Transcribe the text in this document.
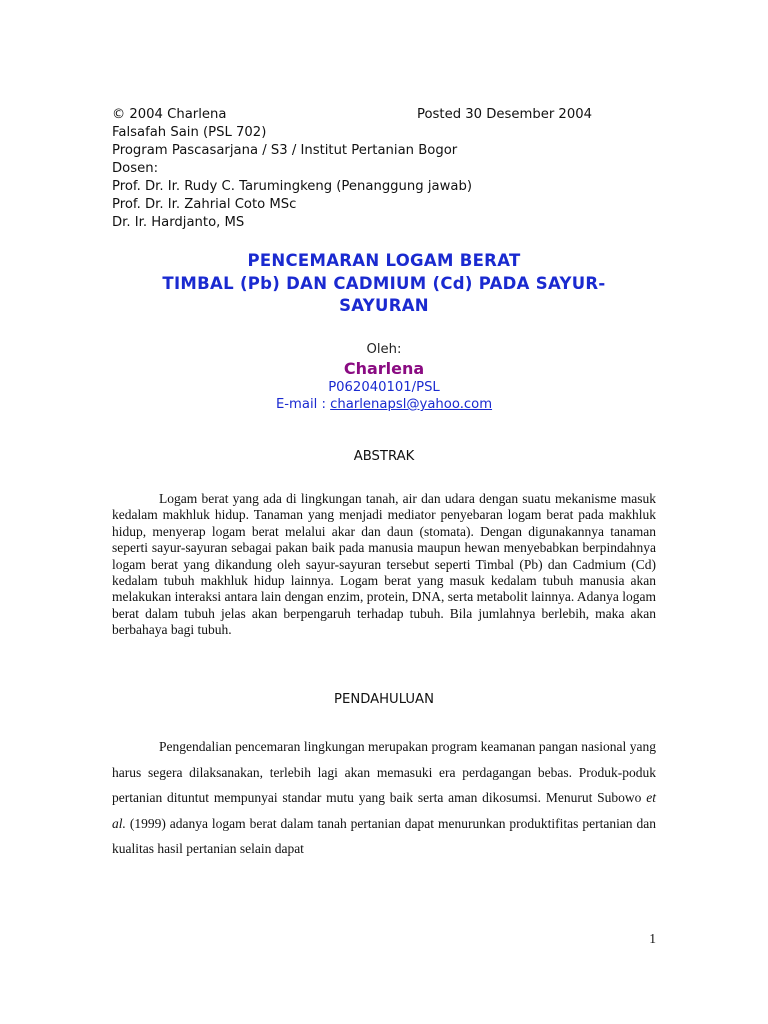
© 2004 Charlena	Posted 30 Desember 2004
Falsafah Sain (PSL 702)
Program Pascasarjana / S3 / Institut Pertanian Bogor
Dosen:
Prof. Dr. Ir. Rudy C. Tarumingkeng (Penanggung jawab)
Prof. Dr. Ir. Zahrial Coto MSc
Dr. Ir. Hardjanto, MS
PENCEMARAN LOGAM BERAT
TIMBAL (Pb) DAN CADMIUM (Cd) PADA SAYUR-
SAYURAN
Oleh:
Charlena
P062040101/PSL
E-mail : charlenapsl@yahoo.com
ABSTRAK

Logam berat yang ada di lingkungan tanah, air dan udara dengan suatu mekanisme masuk kedalam makhluk hidup. Tanaman yang menjadi mediator penyebaran logam berat pada makhluk hidup, menyerap logam berat melalui akar dan daun (stomata). Dengan digunakannya tanaman seperti sayur-sayuran sebagai pakan baik pada manusia maupun hewan menyebabkan berpindahnya logam berat yang dikandung oleh sayur-sayuran tersebut seperti Timbal (Pb) dan Cadmium (Cd) kedalam tubuh makhluk hidup lainnya. Logam berat yang masuk kedalam tubuh manusia akan melakukan interaksi antara lain dengan enzim, protein, DNA, serta metabolit lainnya. Adanya logam berat dalam tubuh jelas akan berpengaruh terhadap tubuh. Bila jumlahnya berlebih, maka akan berbahaya bagi tubuh.

PENDAHULUAN

Pengendalian pencemaran lingkungan merupakan program keamanan pangan nasional yang harus segera dilaksanakan, terlebih lagi akan memasuki era perdagangan bebas. Produk-poduk pertanian dituntut mempunyai standar mutu yang baik serta aman dikosumsi. Menurut Subowo et al. (1999) adanya logam berat dalam tanah pertanian dapat menurunkan produktifitas pertanian dan kualitas hasil pertanian selain dapat

1
